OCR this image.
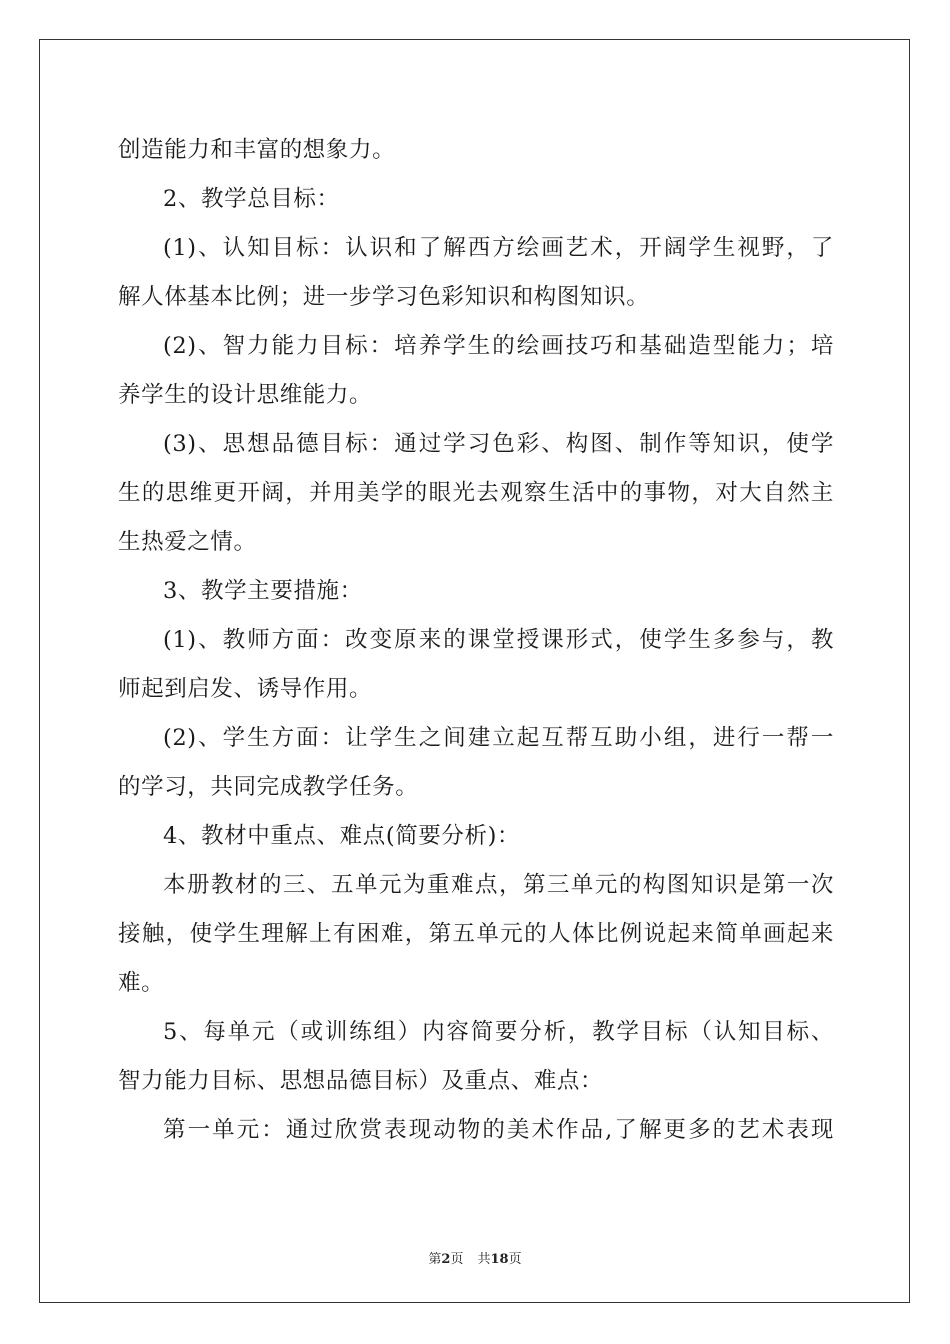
创造能力和丰富的想象力。
2、教学总目标：
(1)、认知目标：认识和了解西方绘画艺术，开阔学生视野，了
解人体基本比例；进一步学习色彩知识和构图知识。
(2)、智力能力目标：培养学生的绘画技巧和基础造型能力；培
养学生的设计思维能力。
(3)、思想品德目标：通过学习色彩、构图、制作等知识，使学
生的思维更开阔，并用美学的眼光去观察生活中的事物，对大自然主
生热爱之情。
3、教学主要措施：
(1)、教师方面：改变原来的课堂授课形式，使学生多参与，教
师起到启发、诱导作用。
(2)、学生方面：让学生之间建立起互帮互助小组，进行一帮一
的学习，共同完成教学任务。
4、教材中重点、难点(简要分析)：
本册教材的三、五单元为重难点，第三单元的构图知识是第一次
接触，使学生理解上有困难，第五单元的人体比例说起来简单画起来
难。
5、每单元（或训练组）内容简要分析，教学目标（认知目标、
智力能力目标、思想品德目标）及重点、难点：
第一单元：通过欣赏表现动物的美术作品,了解更多的艺术表现
第2页 共18页
